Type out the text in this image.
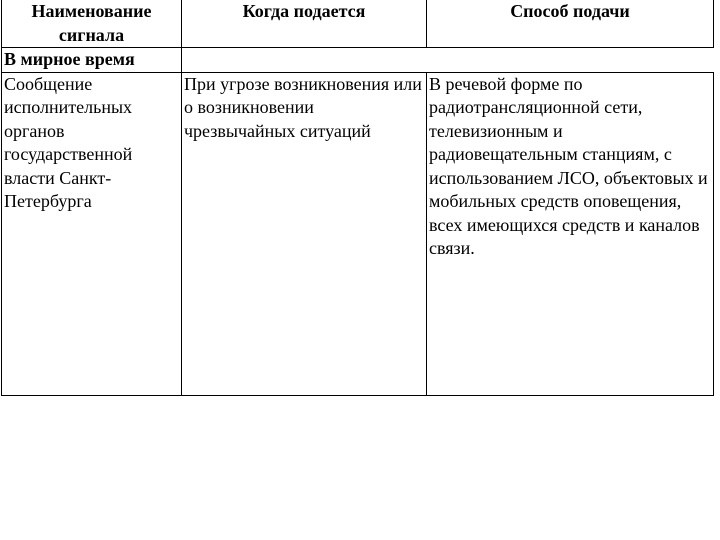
Наименование сигнала	Когда подается	Способ подачи
В мирное время		
Сообщение исполнительных органов государственной власти Санкт-Петербурга	При угрозе возникновения или о возникновении чрезвычайных ситуаций	В речевой форме по радиотрансляционной сети, телевизионным и радиовещательным станциям, с использованием ЛСО, объектовых и мобильных средств оповещения, всех имеющихся средств и каналов связи.
